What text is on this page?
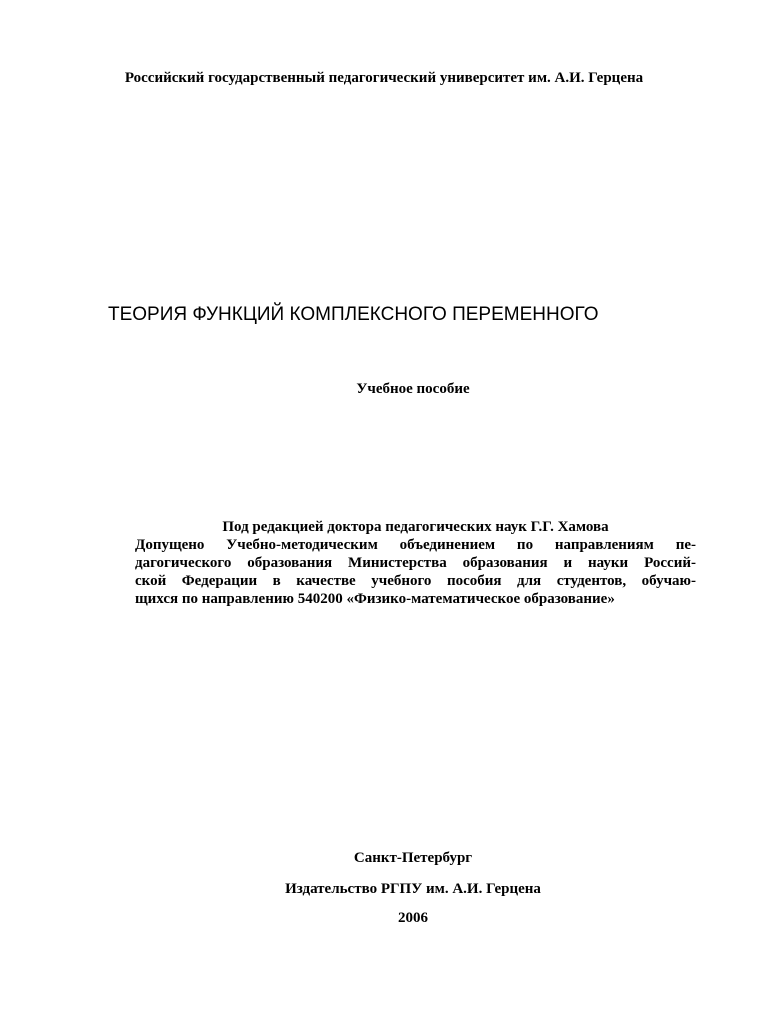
Российский государственный педагогический университет им. А.И. Герцена
ТЕОРИЯ ФУНКЦИЙ КОМПЛЕКСНОГО ПЕРЕМЕННОГО
Учебное пособие
Под редакцией доктора педагогических наук Г.Г. Хамова
Допущено Учебно-методическим объединением по направлениям пе-
дагогического образования Министерства образования и науки Россий-
ской Федерации в качестве учебного пособия для студентов, обучаю-
щихся по направлению 540200 «Физико-математическое образование»
Санкт-Петербург
Издательство РГПУ им. А.И. Герцена
2006
